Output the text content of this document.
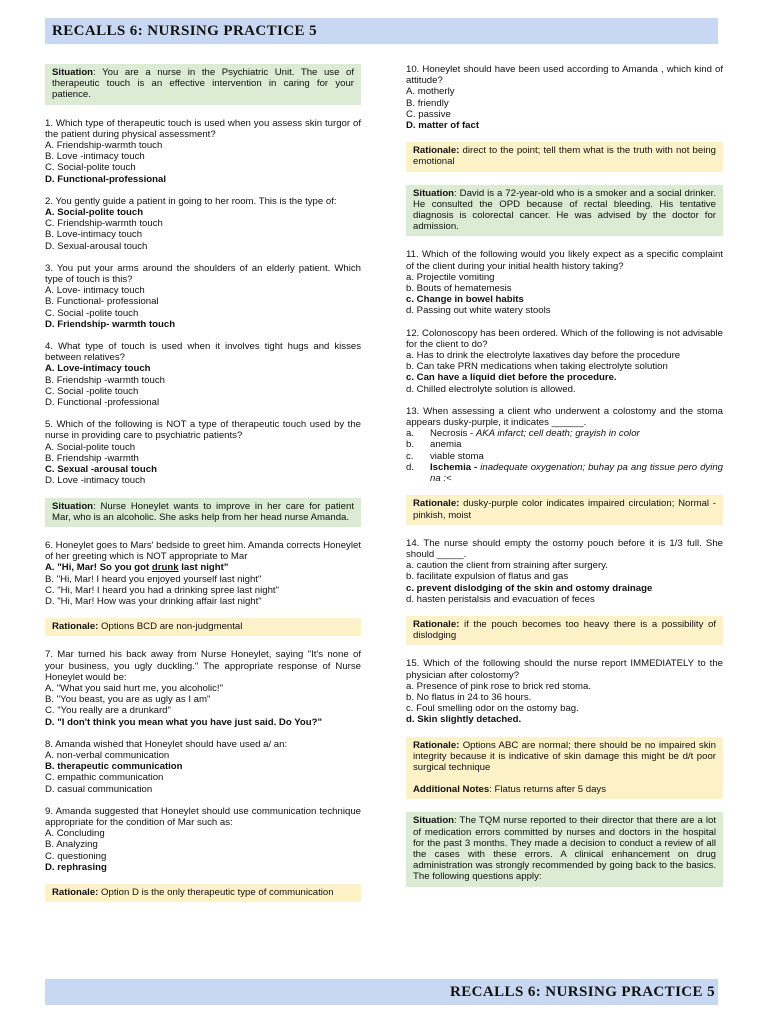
RECALLS 6: NURSING PRACTICE 5
Situation: You are a nurse in the Psychiatric Unit. The use of therapeutic touch is an effective intervention in caring for your patience.

1. Which type of therapeutic touch is used when you assess skin turgor of the patient during physical assessment?

A. Friendship-warmth touch
B. Love -intimacy touch
C. Social-polite touch
D. Functional-professional

2. You gently guide a patient in going to her room. This is the type of:

A. Social-polite touch
C. Friendship-warmth touch
B. Love-intimacy touch
D. Sexual-arousal touch

3. You put your arms around the shoulders of an elderly patient. Which type of touch is this?

A. Love- intimacy touch
B. Functional- professional
C. Social -polite touch
D. Friendship- warmth touch

4. What type of touch is used when it involves tight hugs and kisses between relatives?

A. Love-intimacy touch
B. Friendship -warmth touch
C. Social -polite touch
D. Functional -professional

5. Which of the following is NOT a type of therapeutic touch used by the nurse in providing care to psychiatric patients?

A. Social-polite touch
B. Friendship -warmth
C. Sexual -arousal touch
D. Love -intimacy touch
Situation: Nurse Honeylet wants to improve in her care for patient Mar, who is an alcoholic. She asks help from her head nurse Amanda.

6. Honeylet goes to Mars' bedside to greet him. Amanda corrects Honeylet of her greeting which is NOT appropriate to Mar

A. "Hi, Mar! So you got drunk last night"
B. "Hi, Mar! I heard you enjoyed yourself last night"
C. "Hi, Mar! I heard you had a drinking spree last night"
D. "Hi, Mar! How was your drinking affair last night"
Rationale: Options BCD are non-judgmental

7. Mar turned his back away from Nurse Honeylet, saying "It's none of your business, you ugly duckling." The appropriate response of Nurse Honeylet would be:

A. "What you said hurt me, you alcoholic!"
B. "You beast, you are as ugly as I am"
C. "You really are a drunkard"
D. "I don't think you mean what you have just said. Do You?"

8. Amanda wished that Honeylet should have used a/ an:

A. non-verbal communication
B. therapeutic communication
C. empathic communication
D. casual communication

9. Amanda suggested that Honeylet should use communication technique appropriate for the condition of Mar such as:

A. Concluding
B. Analyzing
C. questioning
D. rephrasing
Rationale: Option D is the only therapeutic type of communication

10. Honeylet should have been used according to Amanda , which kind of attitude?

A. motherly
B. friendly
C. passive
D. matter of fact
Rationale: direct to the point; tell them what is the truth with not being emotional
Situation: David is a 72-year-old who is a smoker and a social drinker. He consulted the OPD because of rectal bleeding. His tentative diagnosis is colorectal cancer. He was advised by the doctor for admission.

11. Which of the following would you likely expect as a specific complaint of the client during your initial health history taking?

a. Projectile vomiting
b. Bouts of hematemesis
c. Change in bowel habits
d. Passing out white watery stools

12. Colonoscopy has been ordered. Which of the following is not advisable for the client to do?

a. Has to drink the electrolyte laxatives day before the procedure
b. Can take PRN medications when taking electrolyte solution
c. Can have a liquid diet before the procedure.
d. Chilled electrolyte solution is allowed.

13. When assessing a client who underwent a colostomy and the stoma appears dusky-purple, it indicates ______.

a.	Necrosis - AKA infarct; cell death; grayish in color
b.	anemia
c.	viable stoma
d.	Ischemia - inadequate oxygenation; buhay pa ang tissue pero dying na :<
Rationale: dusky-purple color indicates impaired circulation; Normal - pinkish, moist

14. The nurse should empty the ostomy pouch before it is 1/3 full. She should _____.

a. caution the client from straining after surgery.
b. facilitate expulsion of flatus and gas
c. prevent dislodging of the skin and ostomy drainage
d. hasten peristalsis and evacuation of feces
Rationale: if the pouch becomes too heavy there is a possibility of dislodging

15. Which of the following should the nurse report IMMEDIATELY to the physician after colostomy?

a. Presence of pink rose to brick red stoma.
b. No flatus in 24 to 36 hours.
c. Foul smelling odor on the ostomy bag.
d. Skin slightly detached.
Rationale: Options ABC are normal; there should be no impaired skin integrity because it is indicative of skin damage this might be d/t poor surgical technique
Additional Notes: Flatus returns after 5 days
Situation: The TQM nurse reported to their director that there are a lot of medication errors committed by nurses and doctors in the hospital for the past 3 months. They made a decision to conduct a review of all the cases with these errors. A clinical enhancement on drug administration was strongly recommended by going back to the basics. The following questions apply:
RECALLS 6: NURSING PRACTICE 5
